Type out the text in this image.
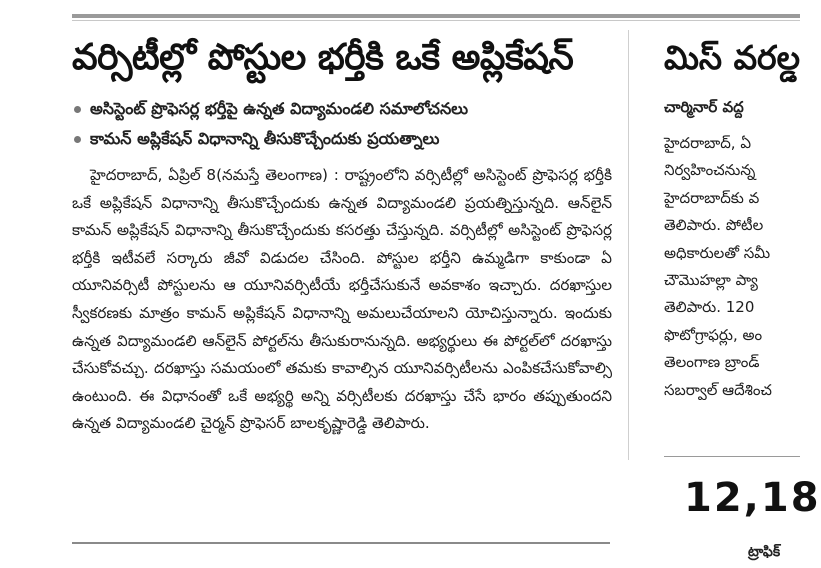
వర్సిటీల్లో పోస్టుల భర్తీకి ఒకే అప్లికేషన్
అసిస్టెంట్ ప్రొఫెసర్ల భర్తీపై ఉన్నత విద్యామండలి సమాలోచనలు
కామన్ అప్లికేషన్ విధానాన్ని తీసుకొచ్చేందుకు ప్రయత్నాలు

హైదరాబాద్, ఏప్రిల్ 8(నమస్తే తెలంగాణ) : రాష్ట్రంలోని వర్సిటీల్లో అసిస్టెంట్ ప్రొఫెసర్ల భర్తీకి ఒకే అప్లికేషన్ విధానాన్ని తీసుకొచ్చేందుకు ఉన్నత విద్యామండలి ప్రయత్నిస్తున్నది. ఆన్‌లైన్ కామన్ అప్లికేషన్ విధానాన్ని తీసుకొచ్చేందుకు కసరత్తు చేస్తున్నది. వర్సిటీల్లో అసిస్టెంట్ ప్రొఫెసర్ల భర్తీకి ఇటీవలే సర్కారు జీవో విడుదల చేసింది. పోస్టుల భర్తీని ఉమ్మడిగా కాకుండా ఏ యూనివర్సిటీ పోస్టులను ఆ యూనివర్సిటీయే భర్తీచేసుకునే అవకాశం ఇచ్చారు. దరఖాస్తుల స్వీకరణకు మాత్రం కామన్ అప్లికేషన్ విధానాన్ని అమలుచేయాలని యోచిస్తున్నారు. ఇందుకు ఉన్నత విద్యామండలి ఆన్‌లైన్ పోర్టల్‌ను తీసుకురానున్నది. అభ్యర్థులు ఈ పోర్టల్‌లో దరఖాస్తు చేసుకోవచ్చు. దరఖాస్తు సమయంలో తమకు కావాల్సిన యూనివర్సిటీలను ఎంపికచేసుకోవాల్సి ఉంటుంది. ఈ విధానంతో ఒకే అభ్యర్థి అన్ని వర్సిటీలకు దరఖాస్తు చేసే భారం తప్పుతుందని ఉన్నత విద్యామండలి చైర్మన్ ప్రొఫెసర్ బాలకృష్ణారెడ్డి తెలిపారు.

మిస్ వరల్డ

చార్మినార్ వద్ద

హైదరాబాద్, ఏ
నిర్వహించనున్న
హైదరాబాద్‌కు వ
తెలిపారు. పోటీల
అధికారులతో సమీ
చౌమొహల్లా ప్యా
తెలిపారు. 120
ఫొటోగ్రాఫర్లు, అం
తెలంగాణ బ్రాండ్
సబర్వాల్ ఆదేశించ
12,18
ట్రాఫిక్
